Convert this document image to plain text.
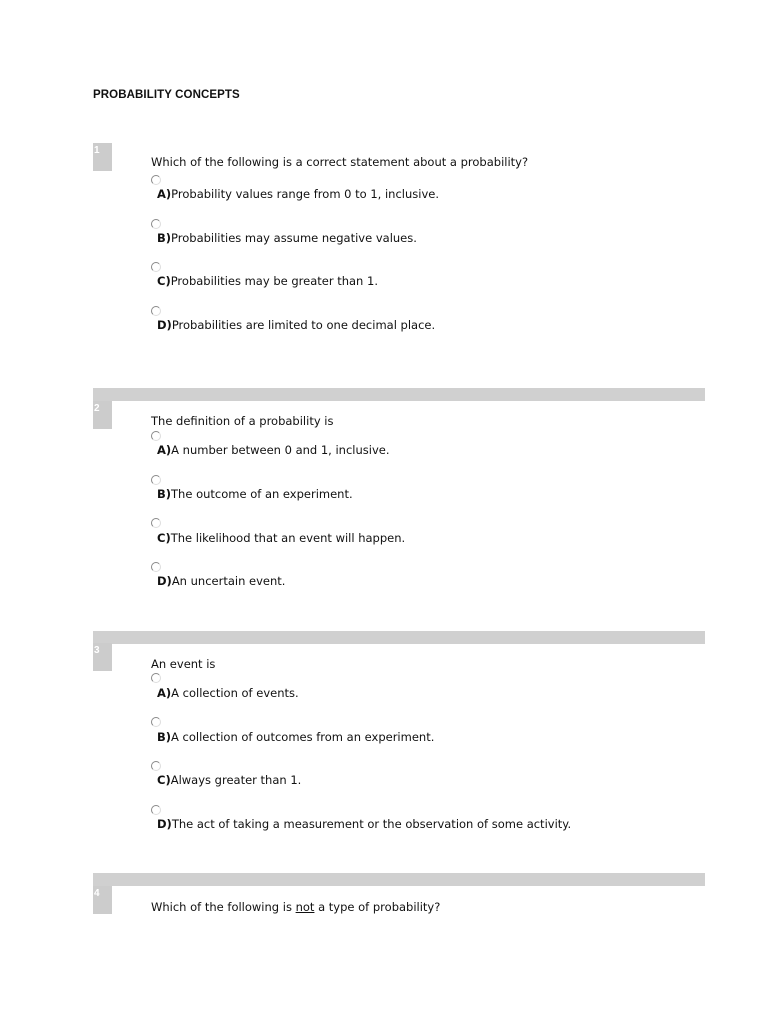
PROBABILITY CONCEPTS
1
Which of the following is a correct statement about a probability?
A)Probability values range from 0 to 1, inclusive.
B)Probabilities may assume negative values.
C)Probabilities may be greater than 1.
D)Probabilities are limited to one decimal place.
2
The definition of a probability is
A)A number between 0 and 1, inclusive.
B)The outcome of an experiment.
C)The likelihood that an event will happen.
D)An uncertain event.
3
An event is
A)A collection of events.
B)A collection of outcomes from an experiment.
C)Always greater than 1.
D)The act of taking a measurement or the observation of some activity.
4
Which of the following is not a type of probability?
